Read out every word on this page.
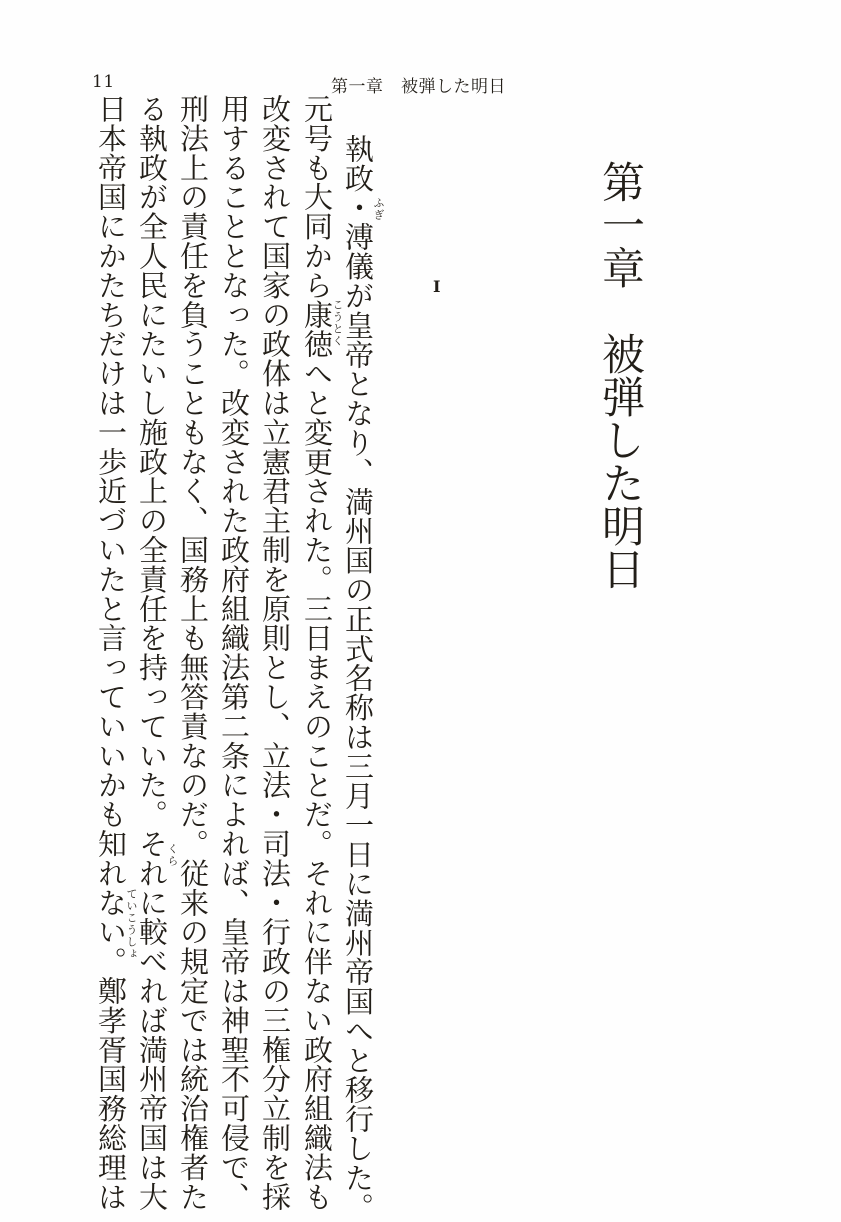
11	第一章　被弾した明日
第一章　被弾した明日
I
執政・溥儀が皇帝となり、満州国の正式名称は三月一日に満州帝国へと移行した。
元号も大同から康徳へと変更された。三日まえのことだ。それに伴ない政府組織法も
改変されて国家の政体は立憲君主制を原則とし、立法・司法・行政の三権分立制を採
用することとなった。改変された政府組織法第二条によれば、皇帝は神聖不可侵で、
刑法上の責任を負うこともなく、国務上も無答責なのだ。従来の規定では統治権者た
る執政が全人民にたいし施政上の全責任を持っていた。それに較べれば満州帝国は大
日本帝国にかたちだけは一歩近づいたと言っていいかも知れない。鄭孝胥国務総理は	ふぎ
こうとく
くら
ていこうしょ
